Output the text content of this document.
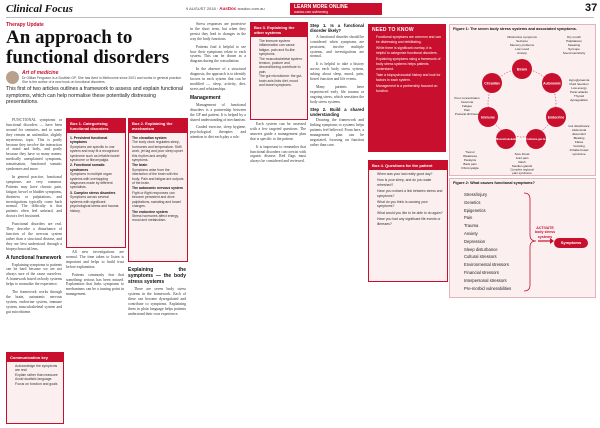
Clinical Focus	9 AUGUST 2018 · AusDoc ausdoc.com.au	LEARN MORE ONLINE
ausdoc.com.au/learning	37
Therapy Update
An approach to functional disorders
Art of medicine
Dr Gillian Ferguson is a Scottish GP. She has lived in Melbourne since 2001 and works in general practice. She is the author of a new book on functional disorders.
This first of two articles outlines a framework to assess and explain functional symptoms, which can help normalise these potentially distressing presentations.

FUNCTIONAL symptoms or functional disorders — have been around for centuries, and to some they remain an unfamiliar, slightly mysterious topic. This is partly because they involve the interaction of mind and body, and partly because they have so many names: medically unexplained symptoms, somatisation, functional somatic syndromes and more.

In general practice, functional symptoms are very common. Patients may have chronic pain, fatigue, bowel or bladder symptoms, dizziness or palpitations, and investigations typically come back normal. The difficulty is that patients often feel unheard, and doctors feel frustrated.

Functional disorders are real. They describe a disturbance of function of the nervous system rather than a structural disease, and they are best understood through a biopsychosocial lens.

A functional framework

Explaining symptoms to patients can be hard because we are not always sure of the cause ourselves. A framework based on body systems helps to normalise the experience.

The framework works through the brain, autonomic nervous system, endocrine system, immune system, musculoskeletal system and gut microbiome.

Communication key
• Acknowledge the symptoms are real
• Explain rather than reassure
• Avoid dualistic language
• Focus on function and goals
Box 1. Categorising functional disorders
1. Persistent functional symptoms
Symptoms are specific to one system and may fit a recognised syndrome such as irritable bowel syndrome or fibromyalgia.
2. Functional somatic syndromes
Symptoms in multiple organ systems with overlapping diagnoses made by different specialists.
3. Complex stress disorders
Symptoms across several systems with significant psychological stress and trauma history.

All new investigations are normal. The time taken to listen is important and helps to build trust before explanation.

Patients commonly fear that something serious has been missed. Explanation that links symptoms to mechanisms can be a turning point in management.

Box 2. Explaining the mechanism
The circadian system
The body clock regulates sleep, hormones and temperature. Shift work, jet lag and poor sleep upset this rhythm and amplify symptoms.
The brain
Symptoms arise from the interaction of the brain with the body. Pain and fatigue are outputs of the brain.
The autonomic nervous system
Fight or flight responses can become persistent and drive palpitations, sweating and bowel changes.
The endocrine system
Stress hormones affect energy, mood and metabolism.
Explaining the symptoms — the body stress systems

There are seven body stress systems in the framework. Each of these can become dysregulated and contribute to symptoms. Explaining them in plain language helps patients understand their own experience.

Stress responses are protective in the short term, but when they persist they lead to changes in the way the body functions.

Patients find it helpful to see how their symptoms relate to each system. This can be drawn as a diagram during the consultation.

In the absence of a structural diagnosis, the approach is to identify factors in each system that can be modified — sleep, activity, diet, stress and relationships.

Management

Management of functional disorders is a partnership between the GP and patient. It is helped by a shared understanding of mechanism.

Graded exercise, sleep hygiene, psychological therapies and attention to diet each play a role.

Box 3. Explaining the other systems
• The immune system: inflammation can cause fatigue, pain and flu-like symptoms.
• The musculoskeletal system: tension, posture and deconditioning contribute to pain.
• The gut microbiome: the gut-brain axis links diet, mood and bowel symptoms.

Each system can be assessed with a few targeted questions. The answers guide a management plan that is specific to the patient.

It is important to remember that functional disorders can coexist with organic disease. Red flags must always be considered and reviewed.

Step 1. Is a functional disorder likely?

A functional disorder should be considered when symptoms are persistent, involve multiple systems, and investigations are normal.

It is helpful to take a history across each body stress system, asking about sleep, mood, pain, bowel function and life events.

Many patients have experienced early life trauma or ongoing stress, which sensitises the body stress systems.

Step 2. Build a shared understanding

Drawing the framework and linking symptoms to systems helps patients feel believed. From here, a management plan can be negotiated, focusing on function rather than cure.

NEED TO KNOW
• Functional symptoms are common and can be distressing and debilitating.
• While there is significant overlap, it is helpful to categorise functional disorders.
• Explaining symptoms using a framework of body stress systems helps patients understand.
• Take a biopsychosocial history and look for factors in each system.
• Management is a partnership focused on function.
Figure 1: The seven body stress systems and associated symptoms.
Brain
Autonomic
Endocrine
Microbiome-gut-brain
Musculoskeletal
Immune
Circadian
Obstructive symptoms
Seizures
Memory problems
Low mood
Anxiety
Dry mouth
Palpitations
Sweating
Syncope
Sound sensitivity
Hypoglycaemia
Fluid retention
Low energy
Panic attacks
Thyroid
dysregulation
Gut disturbance
Abdominal
discomfort
Bloating
Flatus
Vomiting
Irritable bowel
syndrome
Tremor
Weakness
Paralysis
Back pain
Fibromyalgia
Sore throat
Joint pain
Rash
Swollen glands
Complex regional
pain syndrome
Poor concentration
Insomnia
Fatigue
Pain
Postural dizziness
Box 4. Questions for the patient
• When was your last really good day?
• How is your sleep, and do you wake refreshed?
• Have you noticed a link between stress and symptoms?
• What do you think is causing your symptoms?
• What would you like to be able to do again?
• Have you had any significant life events or illnesses?
Figure 2: What causes functional symptoms?
Stress/injury
Genetics
Epigenetics
Pain
Trauma
Anxiety
Depression
Sleep disturbance
Cultural stressors
Environmental stressors
Financial stressors
Interpersonal stressors
Pre-morbid vulnerabilities
ACTIVATE body stress systems
Symptoms
